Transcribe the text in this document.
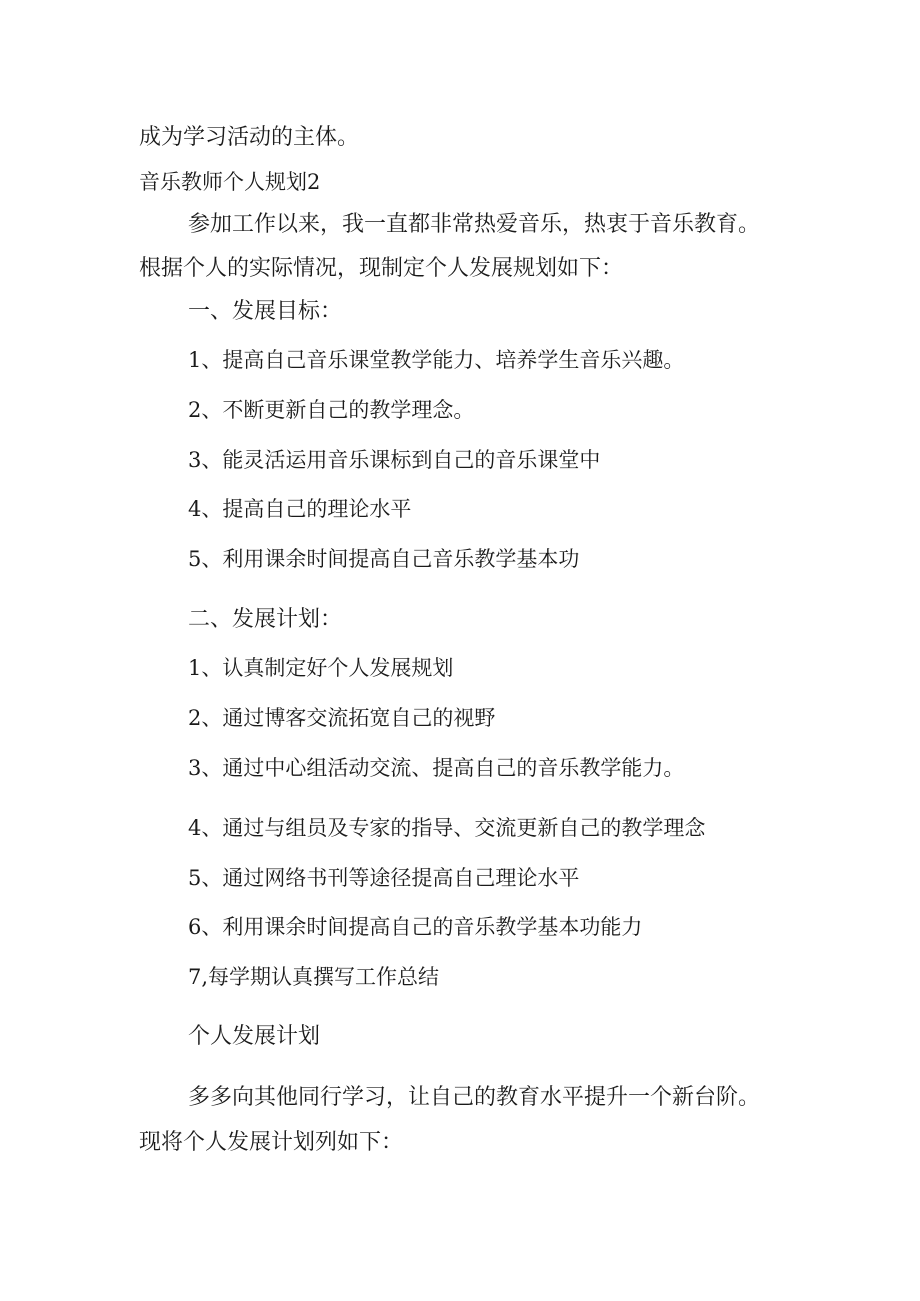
成为学习活动的主体。
音乐教师个人规划2
参加工作以来，我一直都非常热爱音乐，热衷于音乐教育。
根据个人的实际情况，现制定个人发展规划如下：
一、发展目标：
1、提高自己音乐课堂教学能力、培养学生音乐兴趣。
2、不断更新自己的教学理念。
3、能灵活运用音乐课标到自己的音乐课堂中
4、提高自己的理论水平
5、利用课余时间提高自己音乐教学基本功
二、发展计划：
1、认真制定好个人发展规划
2、通过博客交流拓宽自己的视野
3、通过中心组活动交流、提高自己的音乐教学能力。
4、通过与组员及专家的指导、交流更新自己的教学理念
5、通过网络书刊等途径提高自己理论水平
6、利用课余时间提高自己的音乐教学基本功能力
7,每学期认真撰写工作总结
个人发展计划
多多向其他同行学习，让自己的教育水平提升一个新台阶。
现将个人发展计划列如下：
